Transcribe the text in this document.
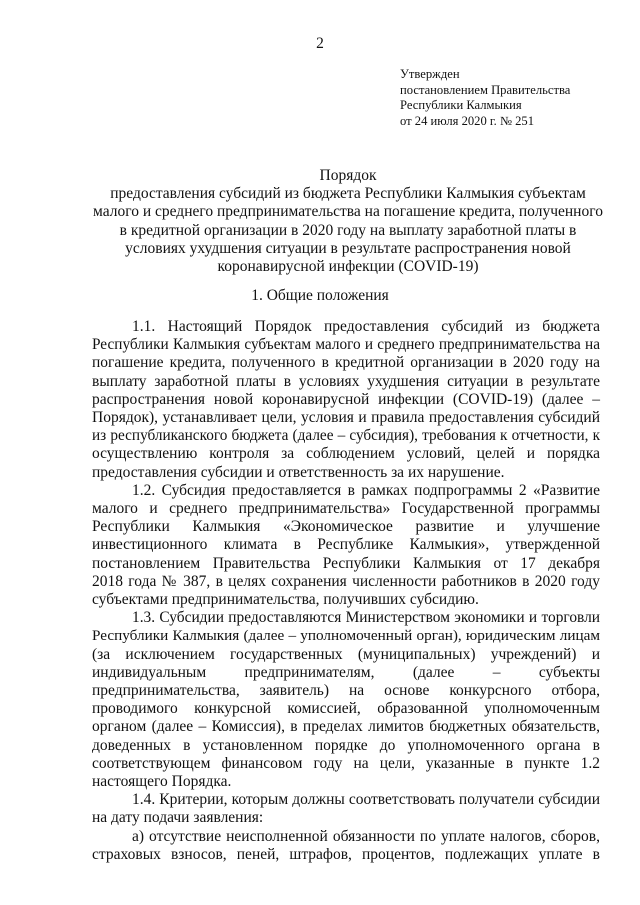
2
Утвержден
постановлением Правительства
Республики Калмыкия
от 24 июля 2020 г. № 251
Порядок
предоставления субсидий из бюджета Республики Калмыкия субъектам
малого и среднего предпринимательства на погашение кредита, полученного
в кредитной организации в 2020 году на выплату заработной платы в
условиях ухудшения ситуации в результате распространения новой
коронавирусной инфекции (COVID-19)
1. Общие положения
1.1. Настоящий Порядок предоставления субсидий из бюджета
Республики Калмыкия субъектам малого и среднего предпринимательства на
погашение кредита, полученного в кредитной организации в 2020 году на
выплату заработной платы в условиях ухудшения ситуации в результате
распространения новой коронавирусной инфекции (COVID-19) (далее –
Порядок), устанавливает цели, условия и правила предоставления субсидий
из республиканского бюджета (далее – субсидия), требования к отчетности, к
осуществлению контроля за соблюдением условий, целей и порядка
предоставления субсидии и ответственность за их нарушение.
1.2. Субсидия предоставляется в рамках подпрограммы 2 «Развитие
малого и среднего предпринимательства» Государственной программы
Республики Калмыкия «Экономическое развитие и улучшение
инвестиционного климата в Республике Калмыкия», утвержденной
постановлением Правительства Республики Калмыкия от 17 декабря
2018 года № 387, в целях сохранения численности работников в 2020 году
субъектами предпринимательства, получивших субсидию.
1.3. Субсидии предоставляются Министерством экономики и торговли
Республики Калмыкия (далее – уполномоченный орган), юридическим лицам
(за исключением государственных (муниципальных) учреждений) и
индивидуальным предпринимателям, (далее – субъекты
предпринимательства, заявитель) на основе конкурсного отбора,
проводимого конкурсной комиссией, образованной уполномоченным
органом (далее – Комиссия), в пределах лимитов бюджетных обязательств,
доведенных в установленном порядке до уполномоченного органа в
соответствующем финансовом году на цели, указанные в пункте 1.2
настоящего Порядка.
1.4. Критерии, которым должны соответствовать получатели субсидии
на дату подачи заявления:
а) отсутствие неисполненной обязанности по уплате налогов, сборов,
страховых взносов, пеней, штрафов, процентов, подлежащих уплате в
